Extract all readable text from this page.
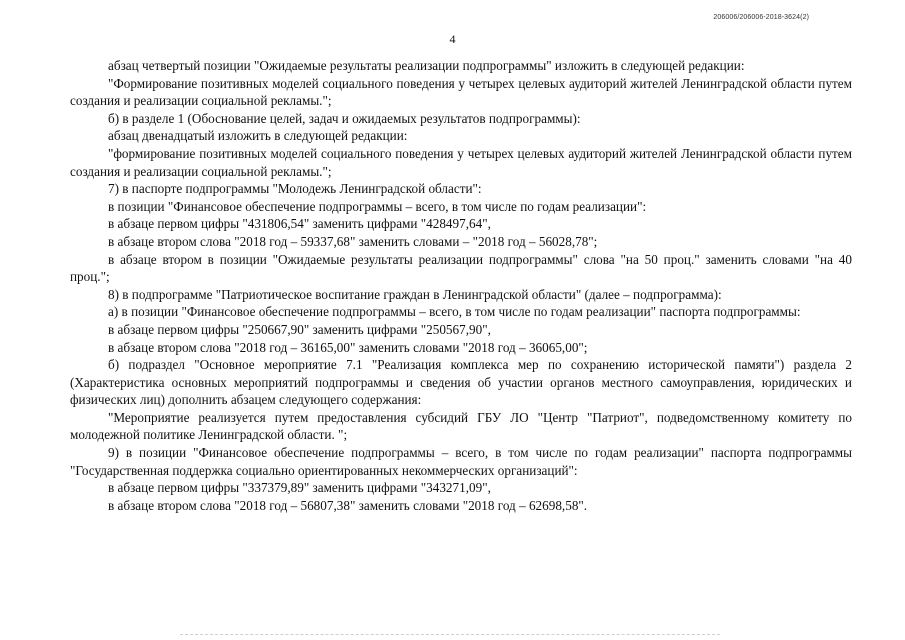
206006/206006-2018-3624(2)
4

абзац четвертый позиции "Ожидаемые результаты реализации подпрограммы" изложить в следующей редакции:

"Формирование позитивных моделей социального поведения у четырех целевых аудиторий жителей Ленинградской области путем создания и реализации социальной рекламы.";

б) в разделе 1 (Обоснование целей, задач и ожидаемых результатов подпрограммы):

абзац двенадцатый изложить в следующей редакции:

"формирование позитивных моделей социального поведения у четырех целевых аудиторий жителей Ленинградской области путем создания и реализации социальной рекламы.";

7) в паспорте подпрограммы "Молодежь Ленинградской области":

в позиции "Финансовое обеспечение подпрограммы – всего, в том числе по годам реализации":

в абзаце первом цифры "431806,54" заменить цифрами "428497,64",

в абзаце втором слова "2018 год – 59337,68" заменить словами – "2018 год – 56028,78";

в абзаце втором в позиции "Ожидаемые результаты реализации подпрограммы" слова "на 50 проц." заменить словами "на 40 проц.";

8) в подпрограмме "Патриотическое воспитание граждан в Ленинградской области" (далее – подпрограмма):

а) в позиции "Финансовое обеспечение подпрограммы – всего, в том числе по годам реализации" паспорта подпрограммы:

в абзаце первом цифры "250667,90" заменить цифрами "250567,90",

в абзаце втором слова "2018 год – 36165,00" заменить словами "2018 год – 36065,00";

б) подраздел "Основное мероприятие 7.1 "Реализация комплекса мер по сохранению исторической памяти") раздела 2 (Характеристика основных мероприятий подпрограммы и сведения об участии органов местного самоуправления, юридических и физических лиц) дополнить абзацем следующего содержания:

"Мероприятие реализуется путем предоставления субсидий ГБУ ЛО "Центр "Патриот", подведомственному комитету по молодежной политике Ленинградской области. ";

9) в позиции "Финансовое обеспечение подпрограммы – всего, в том числе по годам реализации" паспорта подпрограммы "Государственная поддержка социально ориентированных некоммерческих организаций":

в абзаце первом цифры "337379,89" заменить цифрами "343271,09",

в абзаце втором слова "2018 год – 56807,38" заменить словами "2018 год – 62698,58".
